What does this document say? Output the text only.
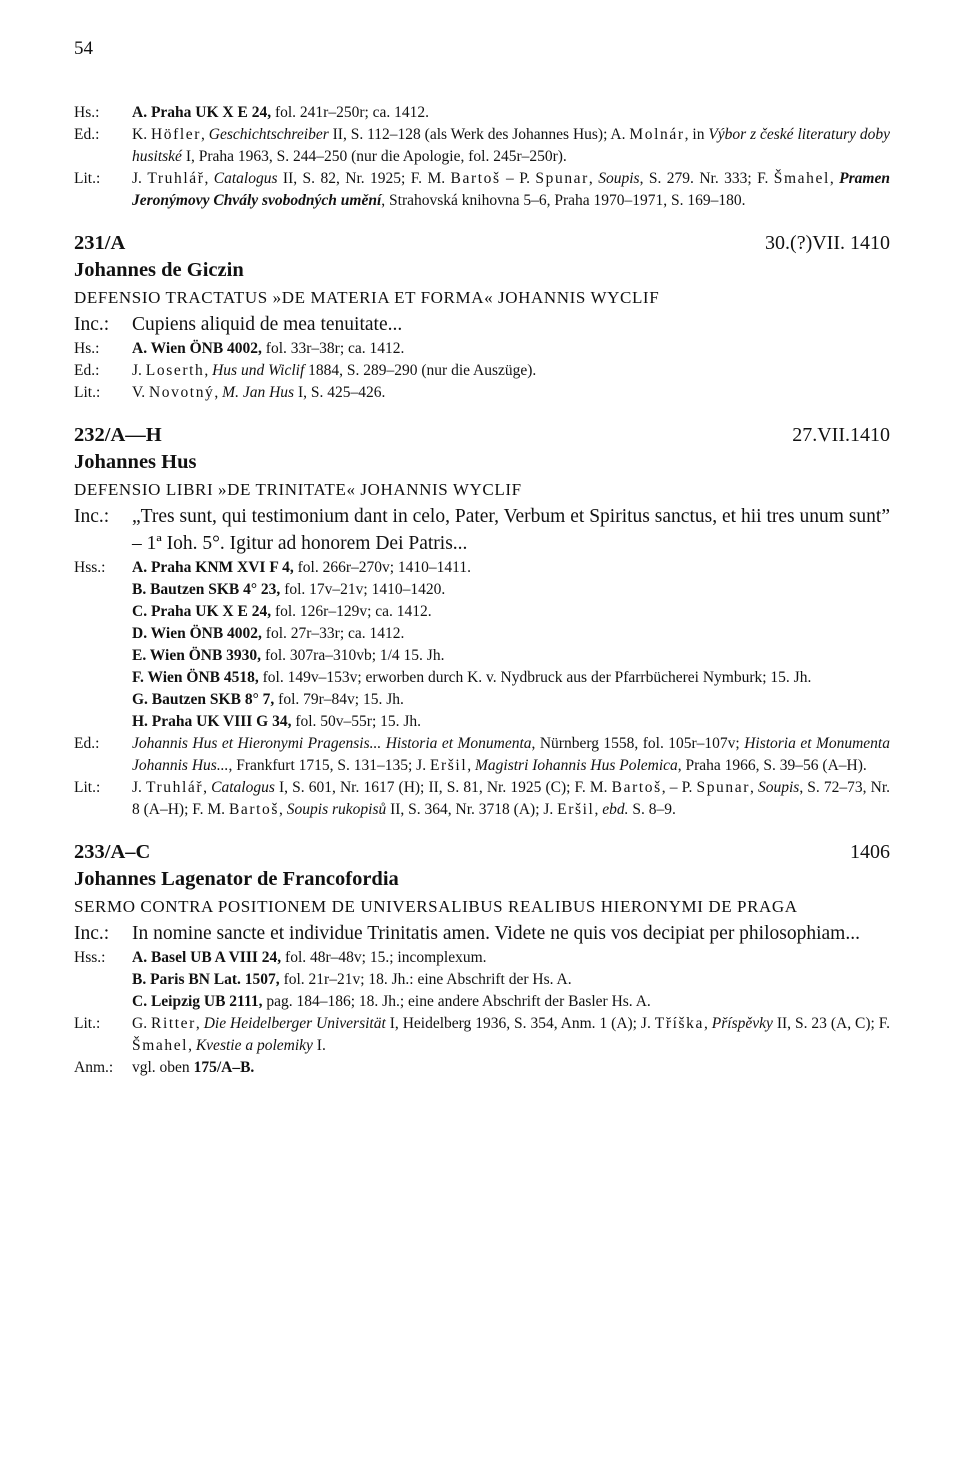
54
Hs.:	A. Praha UK X E 24, fol. 241r–250r; ca. 1412.
Ed.:	K. Höfler, Geschichtschreiber II, S. 112–128 (als Werk des Johannes Hus); A. Molnár, in Výbor z české literatury doby husitské I, Praha 1963, S. 244–250 (nur die Apologie, fol. 245r–250r).
Lit.:	J. Truhlář, Catalogus II, S. 82, Nr. 1925; F. M. Bartoš – P. Spunar, Soupis, S. 279. Nr. 333; F. Šmahel, Pramen Jeronýmovy Chvály svobodných umění, Strahovská knihovna 5–6, Praha 1970–1971, S. 169–180.
231/A	30.(?)VII. 1410
Johannes de Giczin
DEFENSIO TRACTATUS »DE MATERIA ET FORMA« JOHANNIS WYCLIF
Inc.:	Cupiens aliquid de mea tenuitate...
Hs.:	A. Wien ÖNB 4002, fol. 33r–38r; ca. 1412.
Ed.:	J. Loserth, Hus und Wiclif 1884, S. 289–290 (nur die Auszüge).
Lit.:	V. Novotný, M. Jan Hus I, S. 425–426.
232/A—H	27.VII.1410
Johannes Hus
DEFENSIO LIBRI »DE TRINITATE« JOHANNIS WYCLIF
Inc.:	„Tres sunt, qui testimonium dant in celo, Pater, Verbum et Spiritus sanctus, et hii tres unum sunt” – 1ª Ioh. 5°. Igitur ad honorem Dei Patris...
Hss.:	A. Praha KNM XVI F 4, fol. 266r–270v; 1410–1411.
B. Bautzen SKB 4° 23, fol. 17v–21v; 1410–1420.
C. Praha UK X E 24, fol. 126r–129v; ca. 1412.
D. Wien ÖNB 4002, fol. 27r–33r; ca. 1412.
E. Wien ÖNB 3930, fol. 307ra–310vb; 1/4 15. Jh.
F. Wien ÖNB 4518, fol. 149v–153v; erworben durch K. v. Nydbruck aus der Pfarrbücherei Nymburk; 15. Jh.
G. Bautzen SKB 8° 7, fol. 79r–84v; 15. Jh.
H. Praha UK VIII G 34, fol. 50v–55r; 15. Jh.
Ed.:	Johannis Hus et Hieronymi Pragensis... Historia et Monumenta, Nürnberg 1558, fol. 105r–107v; Historia et Monumenta Johannis Hus..., Frankfurt 1715, S. 131–135; J. Eršil, Magistri Iohannis Hus Polemica, Praha 1966, S. 39–56 (A–H).
Lit.:	J. Truhlář, Catalogus I, S. 601, Nr. 1617 (H); II, S. 81, Nr. 1925 (C); F. M. Bartoš, – P. Spunar, Soupis, S. 72–73, Nr. 8 (A–H); F. M. Bartoš, Soupis rukopisů II, S. 364, Nr. 3718 (A); J. Eršil, ebd. S. 8–9.
233/A–C	1406
Johannes Lagenator de Francofordia
SERMO CONTRA POSITIONEM DE UNIVERSALIBUS REALIBUS HIERONYMI DE PRAGA
Inc.:	In nomine sancte et individue Trinitatis amen. Videte ne quis vos decipiat per philosophiam...
Hss.:	A. Basel UB A VIII 24, fol. 48r–48v; 15.; incomplexum.
B. Paris BN Lat. 1507, fol. 21r–21v; 18. Jh.: eine Abschrift der Hs. A.
C. Leipzig UB 2111, pag. 184–186; 18. Jh.; eine andere Abschrift der Basler Hs. A.
Lit.:	G. Ritter, Die Heidelberger Universität I, Heidelberg 1936, S. 354, Anm. 1 (A); J. Tříška, Příspěvky II, S. 23 (A, C); F. Šmahel, Kvestie a polemiky I.
Anm.:	vgl. oben 175/A–B.
